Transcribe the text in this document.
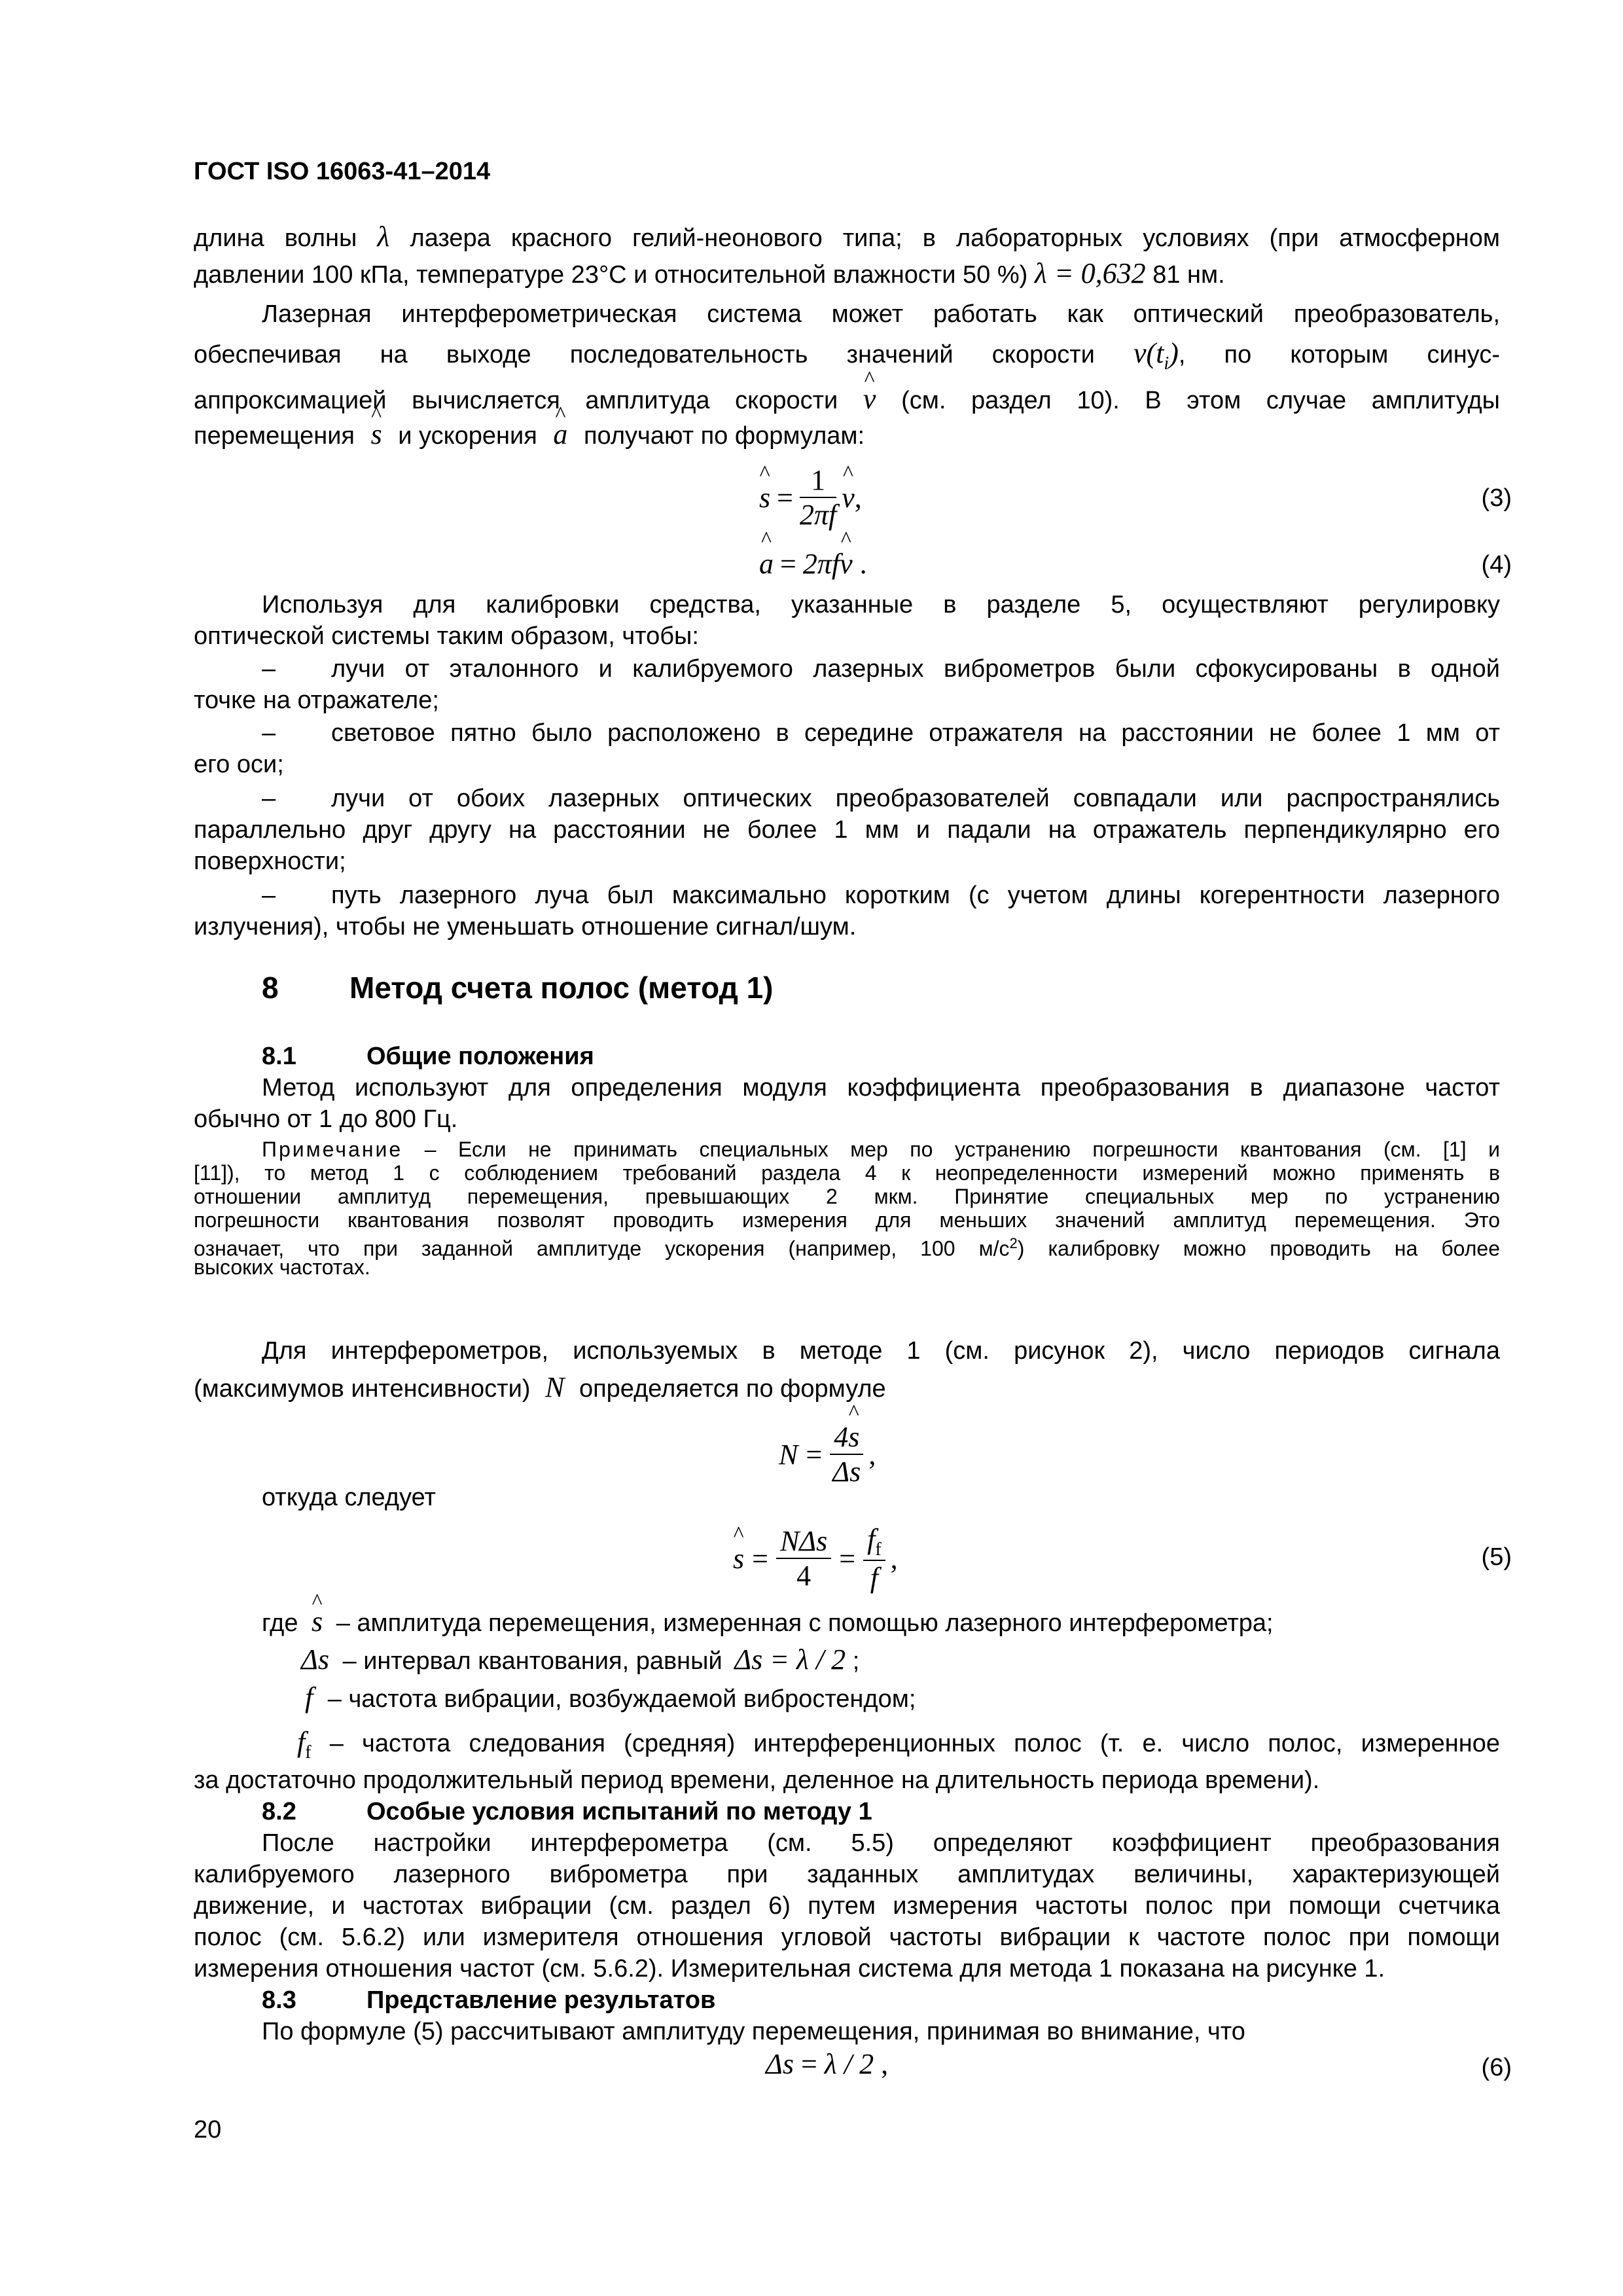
ГОСТ ISO 16063-41–2014
длина волны λ лазера красного гелий-неонового типа; в лабораторных условиях (при атмосферном
давлении 100 кПа, температуре 23°С и относительной влажности 50 %) λ = 0,632 81 нм.
Лазерная интерферометрическая система может работать как оптический преобразователь,
обеспечивая на выходе последовательность значений скорости $v(t_i)$, по которым синус-
аппроксимацией вычисляется амплитуда скорости ^ v (см. раздел 10). В этом случае амплитуды
перемещения ^ s и ускорения ^ a получают по формулам:
^ $s = \frac{1}{2\pi f}$ ^ v ,	(3)
^ a = 2πf^ v .	(4)
Используя для калибровки средства, указанные в разделе 5, осуществляют регулировку
оптической системы таким образом, чтобы:
– лучи от эталонного и калибруемого лазерных виброметров были сфокусированы в одной
точке на отражателе;
– световое пятно было расположено в середине отражателя на расстоянии не более 1 мм от
его оси;
– лучи от обоих лазерных оптических преобразователей совпадали или распространялись
параллельно друг другу на расстоянии не более 1 мм и падали на отражатель перпендикулярно его
поверхности;
– путь лазерного луча был максимально коротким (с учетом длины когерентности лазерного
излучения), чтобы не уменьшать отношение сигнал/шум.
8 Метод счета полос (метод 1)
8.1	Общие положения
Метод используют для определения модуля коэффициента преобразования в диапазоне частот
обычно от 1 до 800 Гц.
Примечание – Если не принимать специальных мер по устранению погрешности квантования (см. [1] и
[11]), то метод 1 с соблюдением требований раздела 4 к неопределенности измерений можно применять в
отношении амплитуд перемещения, превышающих 2 мкм. Принятие специальных мер по устранению
погрешности квантования позволят проводить измерения для меньших значений амплитуд перемещения. Это
означает, что при заданной амплитуде ускорения (например, 100 $м/с^2$) калибровку можно проводить на более
высоких частотах.
Для интерферометров, используемых в методе 1 (см. рисунок 2), число периодов сигнала
(максимумов интенсивности) N определяется по формуле
$N = \frac{4\^{} s}{\Delta s}$ ,
откуда следует
^ $s = \frac{\text{NΔs}}{4} = \frac{f_f}{f}$ ,	(5)
где ^ s – амплитуда перемещения, измеренная с помощью лазерного интерферометра;
Δs – интервал квантования, равный Δs = λ / 2 ;
f – частота вибрации, возбуждаемой вибростендом;
$f_f$ – частота следования (средняя) интерференционных полос (т. е. число полос, измеренное
за достаточно продолжительный период времени, деленное на длительность периода времени).
8.2	Особые условия испытаний по методу 1
После настройки интерферометра (см. 5.5) определяют коэффициент преобразования
калибруемого лазерного виброметра при заданных амплитудах величины, характеризующей
движение, и частотах вибрации (см. раздел 6) путем измерения частоты полос при помощи счетчика
полос (см. 5.6.2) или измерителя отношения угловой частоты вибрации к частоте полос при помощи
измерения отношения частот (см. 5.6.2). Измерительная система для метода 1 показана на рисунке 1.
8.3	Представление результатов
По формуле (5) рассчитывают амплитуду перемещения, принимая во внимание, что
Δs = λ / 2 ,	(6)
20
